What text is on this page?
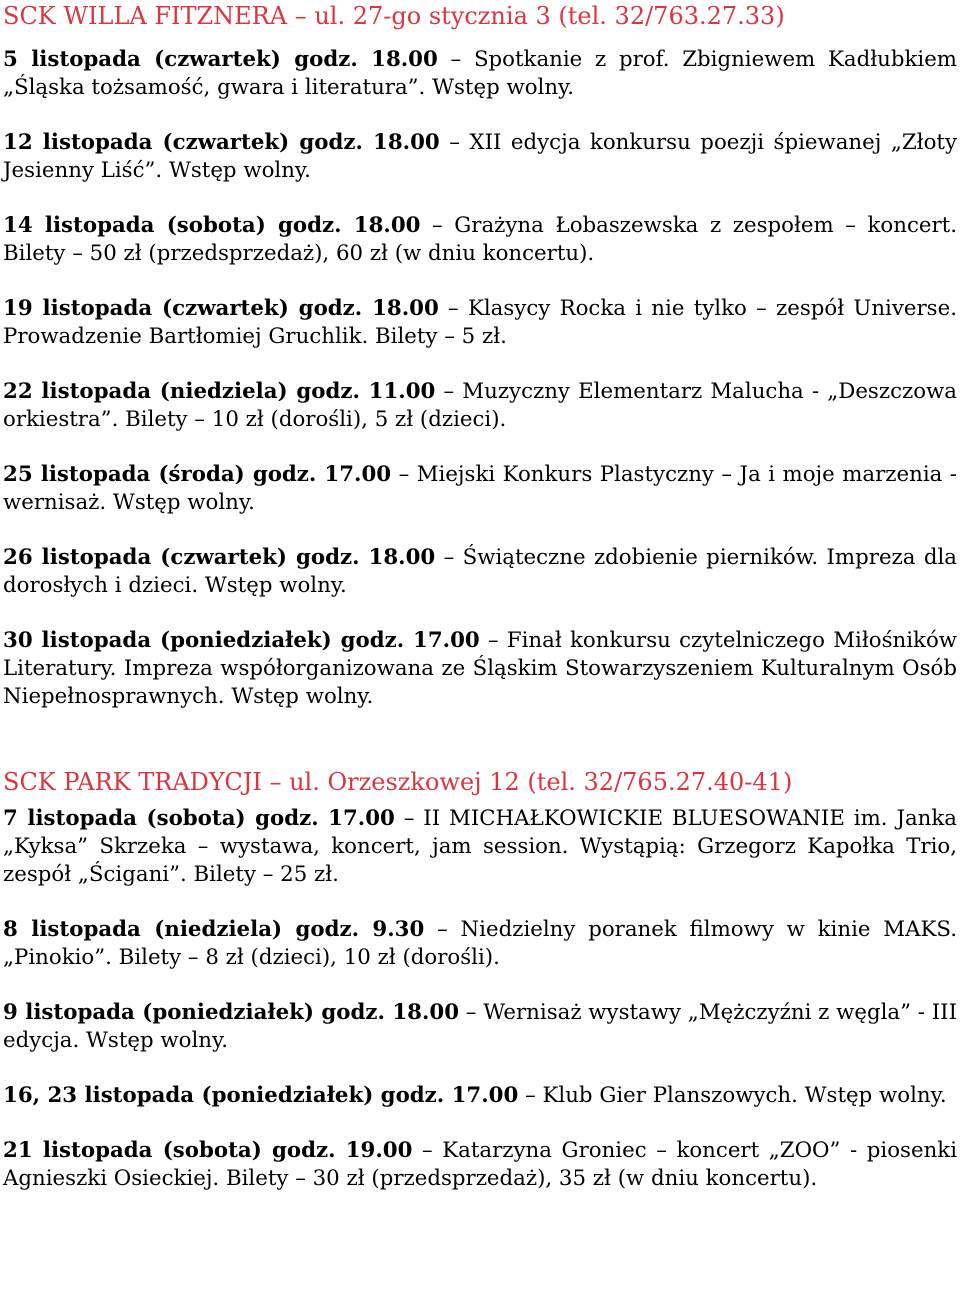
SCK WILLA FITZNERA – ul. 27-go stycznia 3 (tel. 32/763.27.33)

5 listopada (czwartek) godz. 18.00 – Spotkanie z prof. Zbigniewem Kadłubkiem „Śląska tożsamość, gwara i literatura”. Wstęp wolny.

12 listopada (czwartek) godz. 18.00 – XII edycja konkursu poezji śpiewanej „Złoty Jesienny Liść”. Wstęp wolny.

14 listopada (sobota) godz. 18.00 – Grażyna Łobaszewska z zespołem – koncert. Bilety – 50 zł (przedsprzedaż), 60 zł (w dniu koncertu).

19 listopada (czwartek) godz. 18.00 – Klasycy Rocka i nie tylko – zespół Universe. Prowadzenie Bartłomiej Gruchlik. Bilety – 5 zł.

22 listopada (niedziela) godz. 11.00 – Muzyczny Elementarz Malucha - „Deszczowa orkiestra”. Bilety – 10 zł (dorośli), 5 zł (dzieci).

25 listopada (środa) godz. 17.00 – Miejski Konkurs Plastyczny – Ja i moje marzenia - wernisaż. Wstęp wolny.

26 listopada (czwartek) godz. 18.00 – Świąteczne zdobienie pierników. Impreza dla dorosłych i dzieci. Wstęp wolny.

30 listopada (poniedziałek) godz. 17.00 – Finał konkursu czytelniczego Miłośników Literatury. Impreza współorganizowana ze Śląskim Stowarzyszeniem Kulturalnym Osób Niepełnosprawnych. Wstęp wolny.

SCK PARK TRADYCJI – ul. Orzeszkowej 12 (tel. 32/765.27.40-41)

7 listopada (sobota) godz. 17.00 – II MICHAŁKOWICKIE BLUESOWANIE im. Janka „Kyksa” Skrzeka – wystawa, koncert, jam session. Wystąpią: Grzegorz Kapołka Trio, zespół „Ścigani”. Bilety – 25 zł.

8 listopada (niedziela) godz. 9.30 – Niedzielny poranek filmowy w kinie MAKS. „Pinokio”. Bilety – 8 zł (dzieci), 10 zł (dorośli).

9 listopada (poniedziałek) godz. 18.00 – Wernisaż wystawy „Mężczyźni z węgla” - III edycja. Wstęp wolny.

16, 23 listopada (poniedziałek) godz. 17.00 – Klub Gier Planszowych. Wstęp wolny.

21 listopada (sobota) godz. 19.00 – Katarzyna Groniec – koncert „ZOO” - piosenki Agnieszki Osieckiej. Bilety – 30 zł (przedsprzedaż), 35 zł (w dniu koncertu).
